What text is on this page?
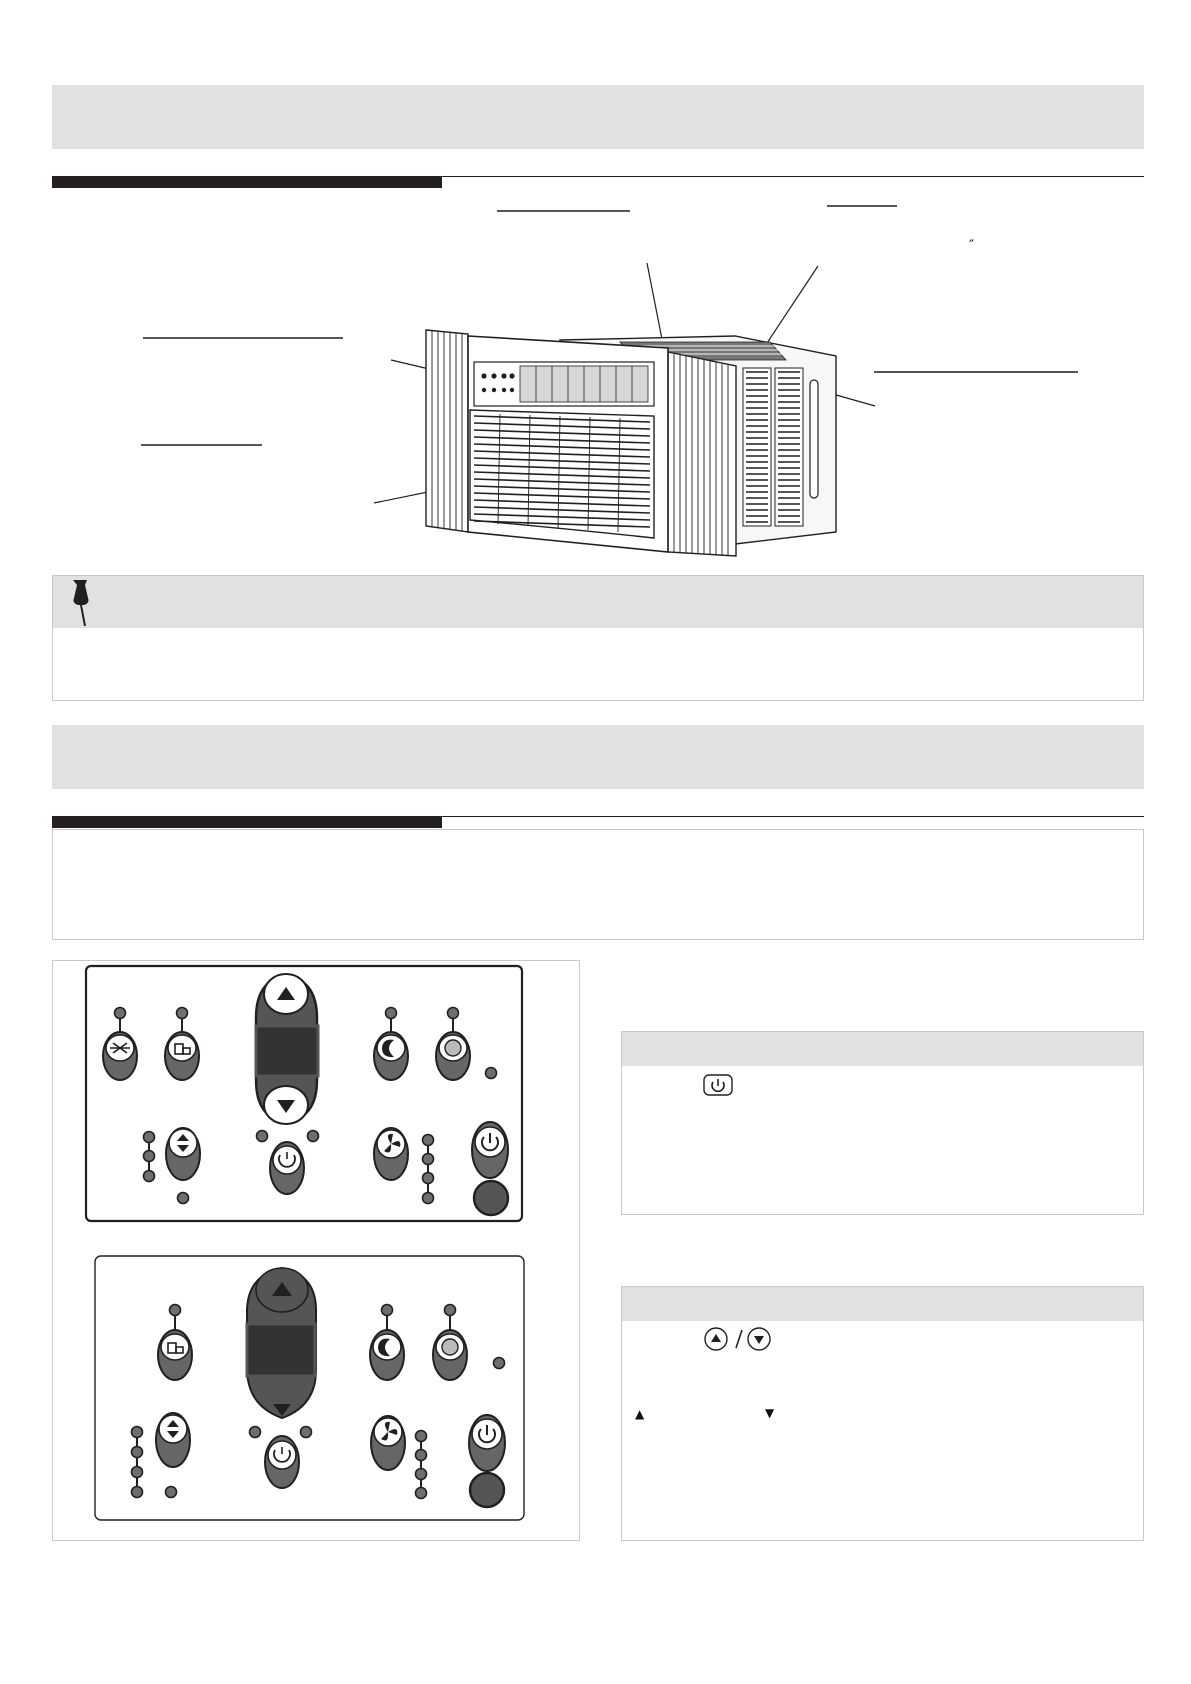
″
▲	▼
